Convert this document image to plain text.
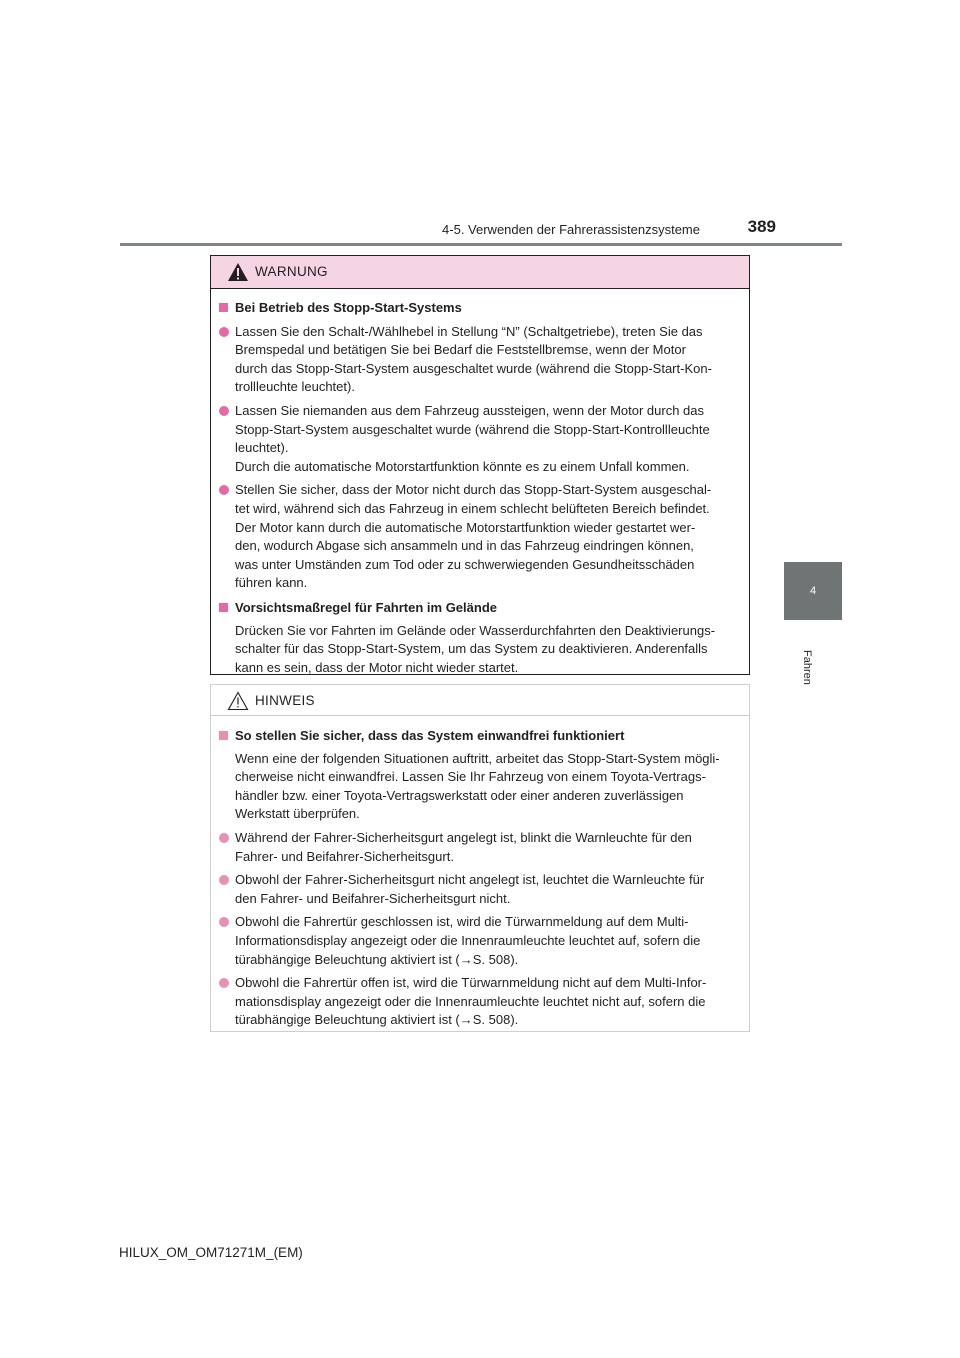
4-5. Verwenden der Fahrerassistenzsysteme	389
4
Fahren
WARNUNG
Bei Betrieb des Stopp-Start-Systems
Lassen Sie den Schalt-/Wählhebel in Stellung “N” (Schaltgetriebe), treten Sie das
Bremspedal und betätigen Sie bei Bedarf die Feststellbremse, wenn der Motor
durch das Stopp-Start-System ausgeschaltet wurde (während die Stopp-Start-Kon-
trollleuchte leuchtet).
Lassen Sie niemanden aus dem Fahrzeug aussteigen, wenn der Motor durch das
Stopp-Start-System ausgeschaltet wurde (während die Stopp-Start-Kontrollleuchte
leuchtet).
Durch die automatische Motorstartfunktion könnte es zu einem Unfall kommen.
Stellen Sie sicher, dass der Motor nicht durch das Stopp-Start-System ausgeschal-
tet wird, während sich das Fahrzeug in einem schlecht belüfteten Bereich befindet.
Der Motor kann durch die automatische Motorstartfunktion wieder gestartet wer-
den, wodurch Abgase sich ansammeln und in das Fahrzeug eindringen können,
was unter Umständen zum Tod oder zu schwerwiegenden Gesundheitsschäden
führen kann.
Vorsichtsmaßregel für Fahrten im Gelände
Drücken Sie vor Fahrten im Gelände oder Wasserdurchfahrten den Deaktivierungs-
schalter für das Stopp-Start-System, um das System zu deaktivieren. Anderenfalls
kann es sein, dass der Motor nicht wieder startet.
HINWEIS
So stellen Sie sicher, dass das System einwandfrei funktioniert
Wenn eine der folgenden Situationen auftritt, arbeitet das Stopp-Start-System mögli-
cherweise nicht einwandfrei. Lassen Sie Ihr Fahrzeug von einem Toyota-Vertrags-
händler bzw. einer Toyota-Vertragswerkstatt oder einer anderen zuverlässigen
Werkstatt überprüfen.
Während der Fahrer-Sicherheitsgurt angelegt ist, blinkt die Warnleuchte für den
Fahrer- und Beifahrer-Sicherheitsgurt.
Obwohl der Fahrer-Sicherheitsgurt nicht angelegt ist, leuchtet die Warnleuchte für
den Fahrer- und Beifahrer-Sicherheitsgurt nicht.
Obwohl die Fahrertür geschlossen ist, wird die Türwarnmeldung auf dem Multi-
Informationsdisplay angezeigt oder die Innenraumleuchte leuchtet auf, sofern die
türabhängige Beleuchtung aktiviert ist (→S. 508).
Obwohl die Fahrertür offen ist, wird die Türwarnmeldung nicht auf dem Multi-Infor-
mationsdisplay angezeigt oder die Innenraumleuchte leuchtet nicht auf, sofern die
türabhängige Beleuchtung aktiviert ist (→S. 508).
HILUX_OM_OM71271M_(EM)
